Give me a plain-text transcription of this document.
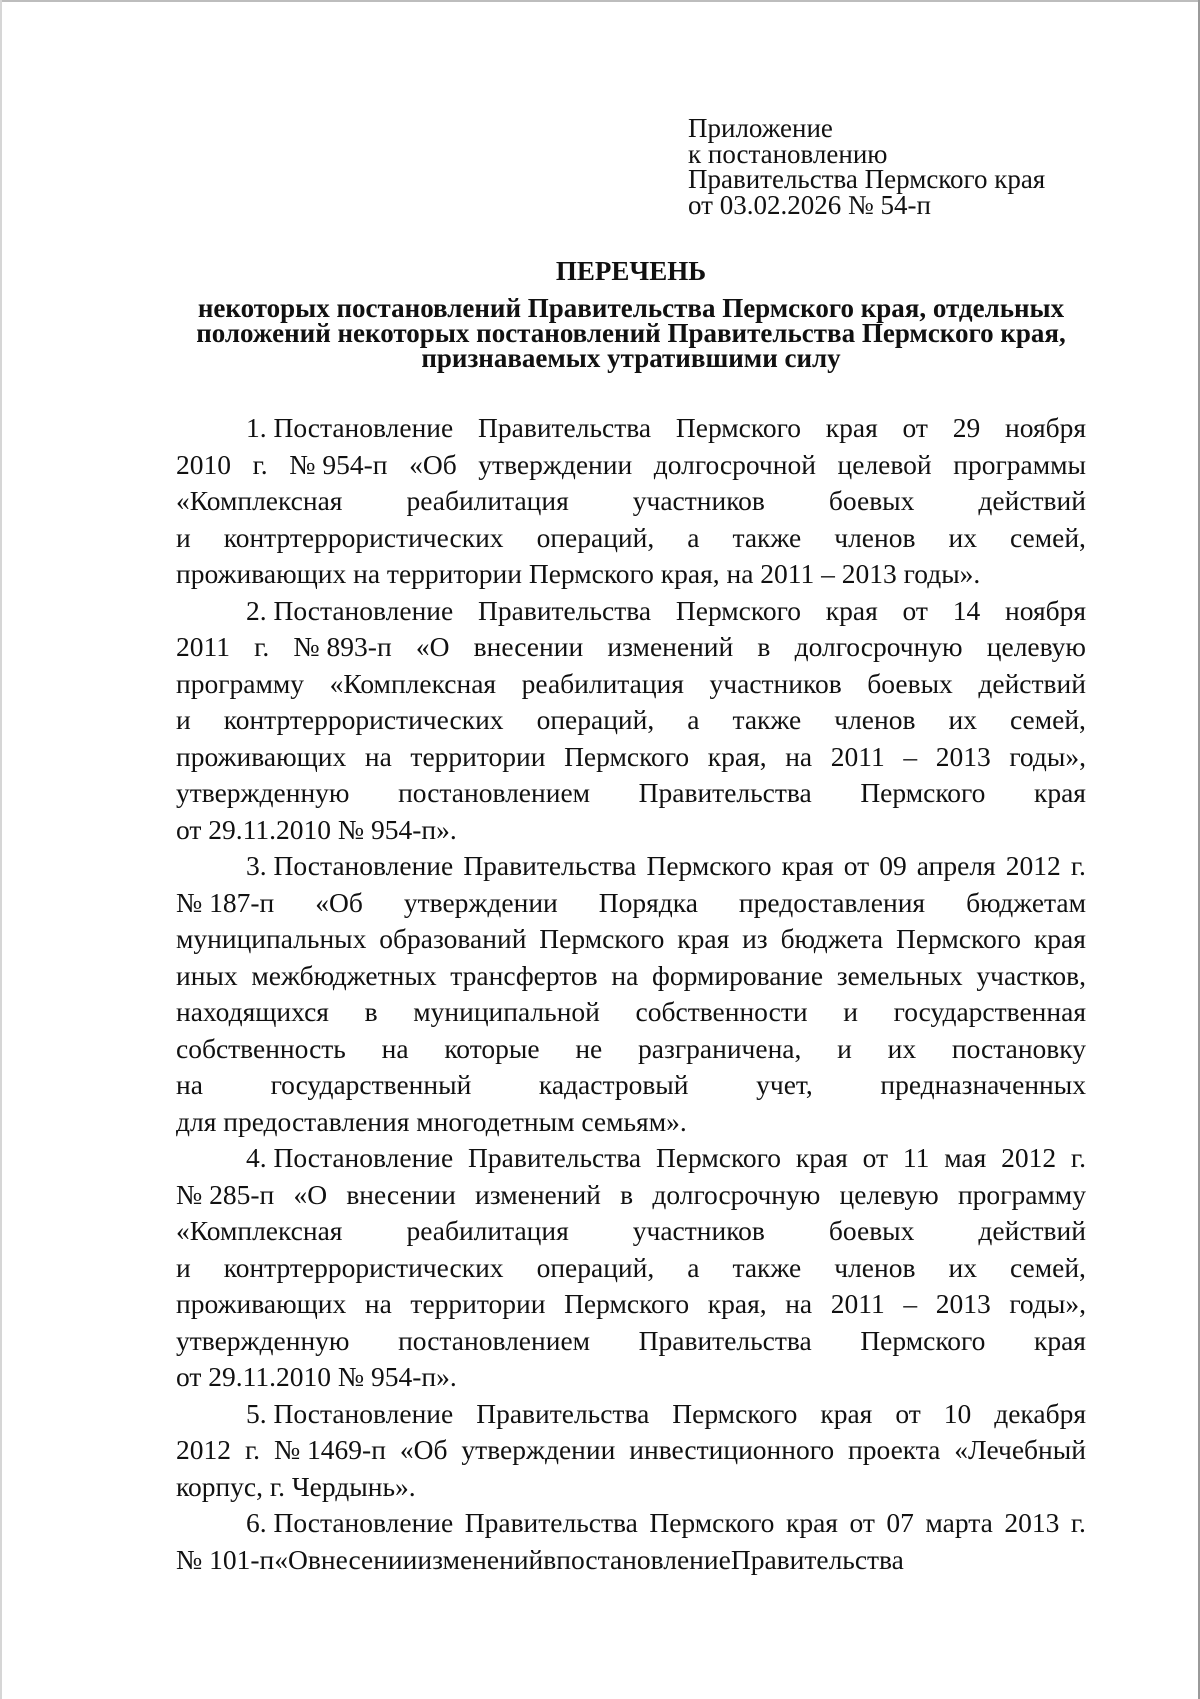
Приложение
к постановлению
Правительства Пермского края
от 03.02.2026 № 54-п
ПЕРЕЧЕНЬ
некоторых постановлений Правительства Пермского края, отдельных
положений некоторых постановлений Правительства Пермского края,
признаваемых утратившими силу
1. Постановление Правительства Пермского края от 29 ноября
2010 г. № 954-п «Об утверждении долгосрочной целевой программы
«Комплексная реабилитация участников боевых действий
и контртеррористических операций, а также членов их семей,
проживающих на территории Пермского края, на 2011 – 2013 годы».
2. Постановление Правительства Пермского края от 14 ноября
2011 г. № 893-п «О внесении изменений в долгосрочную целевую
программу «Комплексная реабилитация участников боевых действий
и контртеррористических операций, а также членов их семей,
проживающих на территории Пермского края, на 2011 – 2013 годы»,
утвержденную постановлением Правительства Пермского края
от 29.11.2010 № 954-п».
3. Постановление Правительства Пермского края от 09 апреля 2012 г.
№ 187-п «Об утверждении Порядка предоставления бюджетам
муниципальных образований Пермского края из бюджета Пермского края
иных межбюджетных трансфертов на формирование земельных участков,
находящихся в муниципальной собственности и государственная
собственность на которые не разграничена, и их постановку
на государственный кадастровый учет, предназначенных
для предоставления многодетным семьям».
4. Постановление Правительства Пермского края от 11 мая 2012 г.
№ 285-п «О внесении изменений в долгосрочную целевую программу
«Комплексная реабилитация участников боевых действий
и контртеррористических операций, а также членов их семей,
проживающих на территории Пермского края, на 2011 – 2013 годы»,
утвержденную постановлением Правительства Пермского края
от 29.11.2010 № 954-п».
5. Постановление Правительства Пермского края от 10 декабря
2012 г. № 1469-п «Об утверждении инвестиционного проекта «Лечебный
корпус, г. Чердынь».
6. Постановление Правительства Пермского края от 07 марта 2013 г.
№ 101-п «О внесении изменений в постановление Правительства
